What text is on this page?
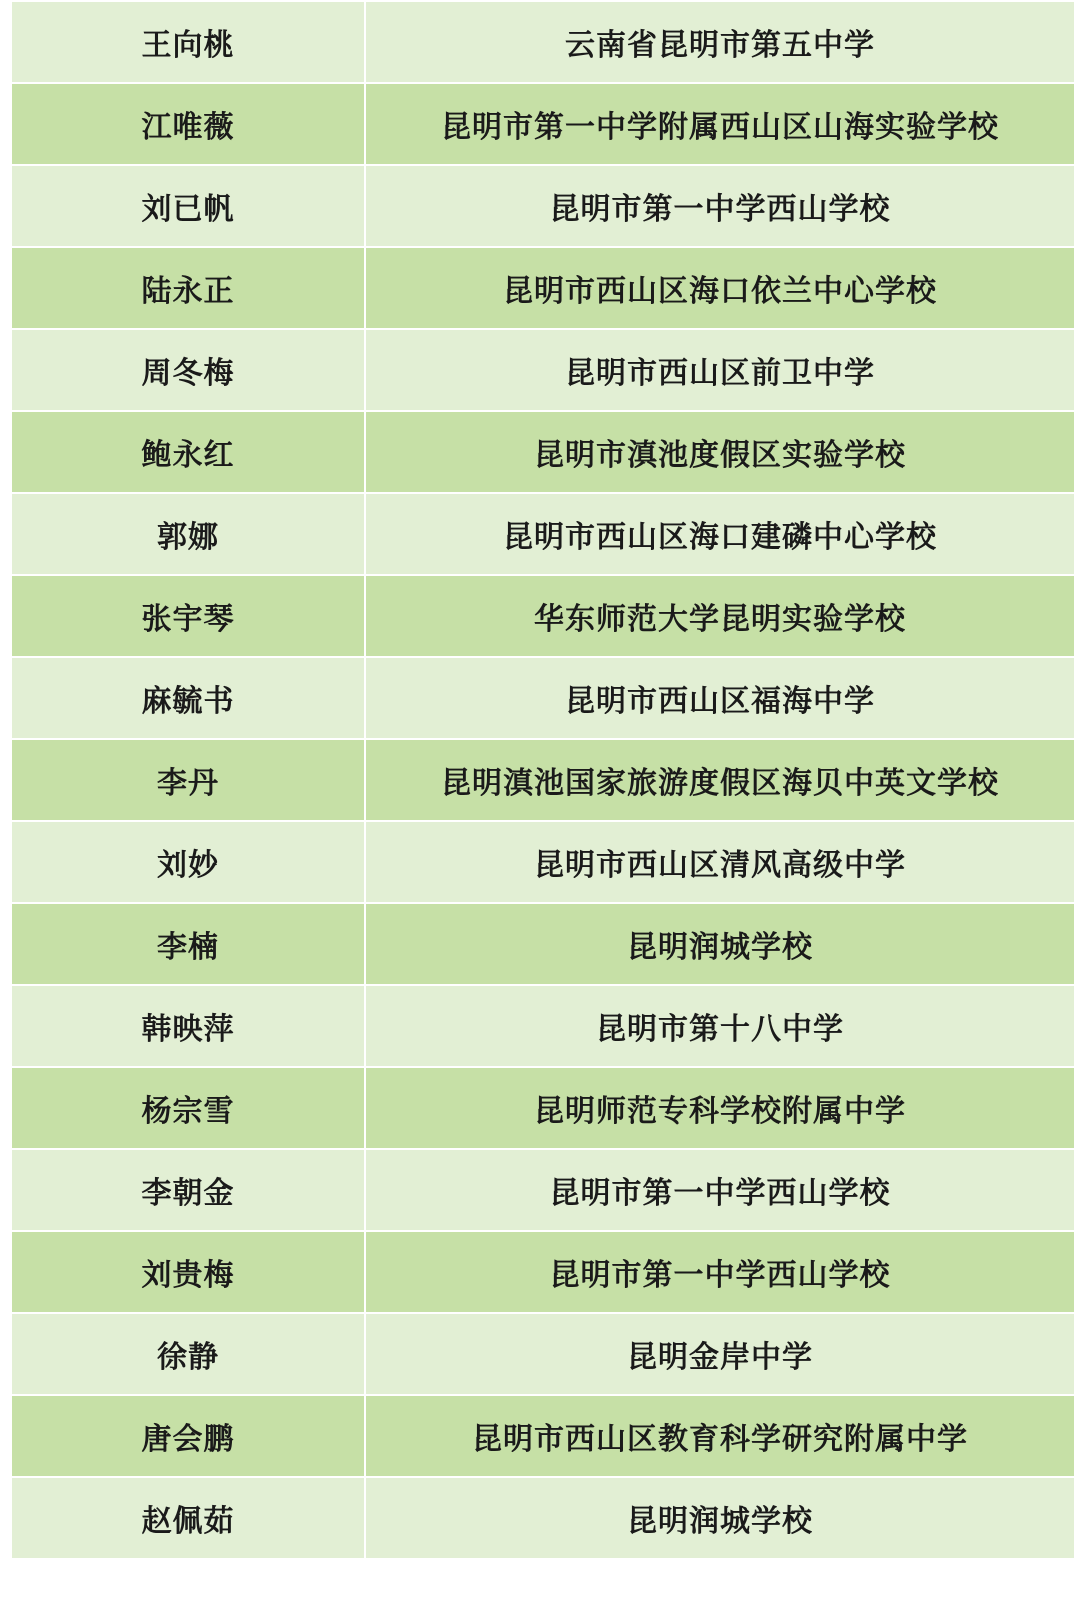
王向桃	云南省昆明市第五中学
江唯薇	昆明市第一中学附属西山区山海实验学校
刘已帆	昆明市第一中学西山学校
陆永正	昆明市西山区海口依兰中心学校
周冬梅	昆明市西山区前卫中学
鲍永红	昆明市滇池度假区实验学校
郭娜	昆明市西山区海口建磷中心学校
张宇琴	华东师范大学昆明实验学校
麻毓书	昆明市西山区福海中学
李丹	昆明滇池国家旅游度假区海贝中英文学校
刘妙	昆明市西山区清风高级中学
李楠	昆明润城学校
韩映萍	昆明市第十八中学
杨宗雪	昆明师范专科学校附属中学
李朝金	昆明市第一中学西山学校
刘贵梅	昆明市第一中学西山学校
徐静	昆明金岸中学
唐会鹏	昆明市西山区教育科学研究附属中学
赵佩茹	昆明润城学校
